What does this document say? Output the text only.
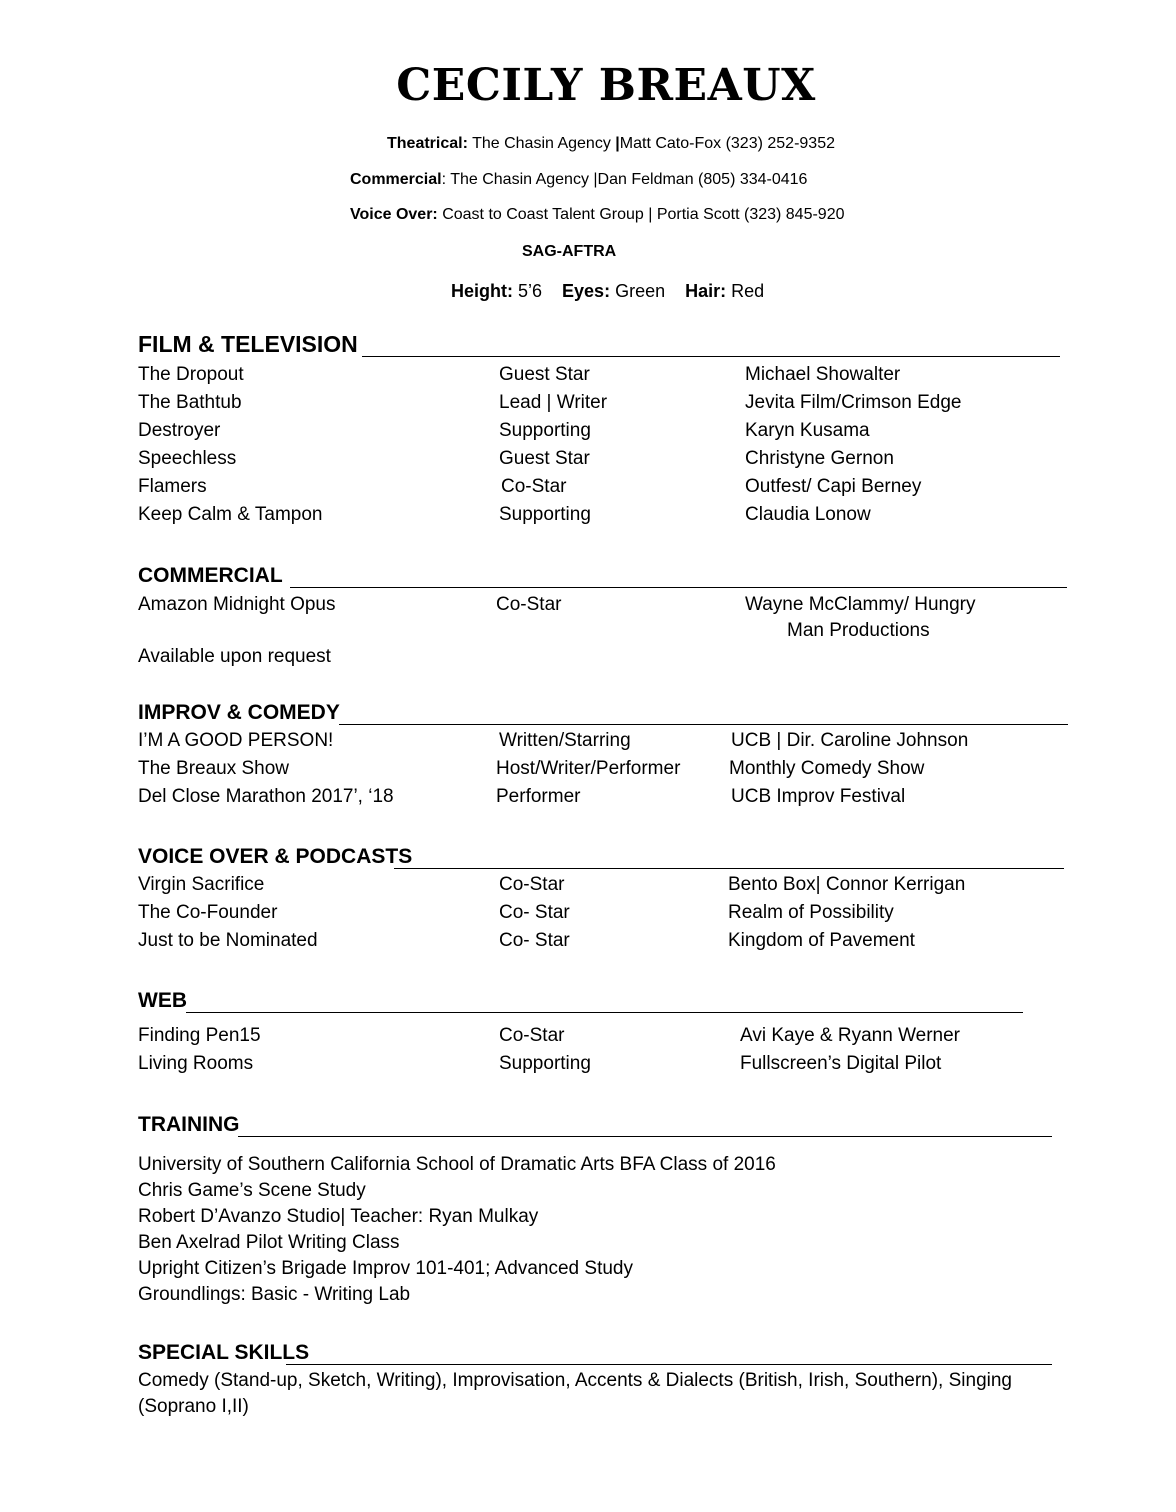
CECILY BREAUX
Theatrical: The Chasin Agency |Matt Cato-Fox (323) 252-9352
Commercial: The Chasin Agency |Dan Feldman (805) 334-0416
Voice Over: Coast to Coast Talent Group | Portia Scott (323) 845-920
SAG-AFTRA
Height: 5’6 Eyes: Green Hair: Red
FILM & TELEVISION
The Dropout	Guest Star	Michael Showalter
The Bathtub	Lead | Writer	Jevita Film/Crimson Edge
Destroyer	Supporting	Karyn Kusama
Speechless	Guest Star	Christyne Gernon
Flamers	Co-Star	Outfest/ Capi Berney
Keep Calm & Tampon	Supporting	Claudia Lonow
COMMERCIAL
Amazon Midnight Opus	Co-Star	Wayne McClammy/ Hungry
Man Productions
Available upon request
IMPROV & COMEDY
I’M A GOOD PERSON!	Written/Starring	UCB | Dir. Caroline Johnson
The Breaux Show	Host/Writer/Performer	Monthly Comedy Show
Del Close Marathon 2017’, ‘18	Performer	UCB Improv Festival
VOICE OVER & PODCASTS
Virgin Sacrifice	Co-Star	Bento Box| Connor Kerrigan
The Co-Founder	Co- Star	Realm of Possibility
Just to be Nominated	Co- Star	Kingdom of Pavement
WEB
Finding Pen15	Co-Star	Avi Kaye & Ryann Werner
Living Rooms	Supporting	Fullscreen’s Digital Pilot
TRAINING
University of Southern California School of Dramatic Arts BFA Class of 2016
Chris Game’s Scene Study
Robert D’Avanzo Studio| Teacher: Ryan Mulkay
Ben Axelrad Pilot Writing Class
Upright Citizen’s Brigade Improv 101-401; Advanced Study
Groundlings: Basic - Writing Lab
SPECIAL SKILLS
Comedy (Stand-up, Sketch, Writing), Improvisation, Accents & Dialects (British, Irish, Southern), Singing
(Soprano I,II)
